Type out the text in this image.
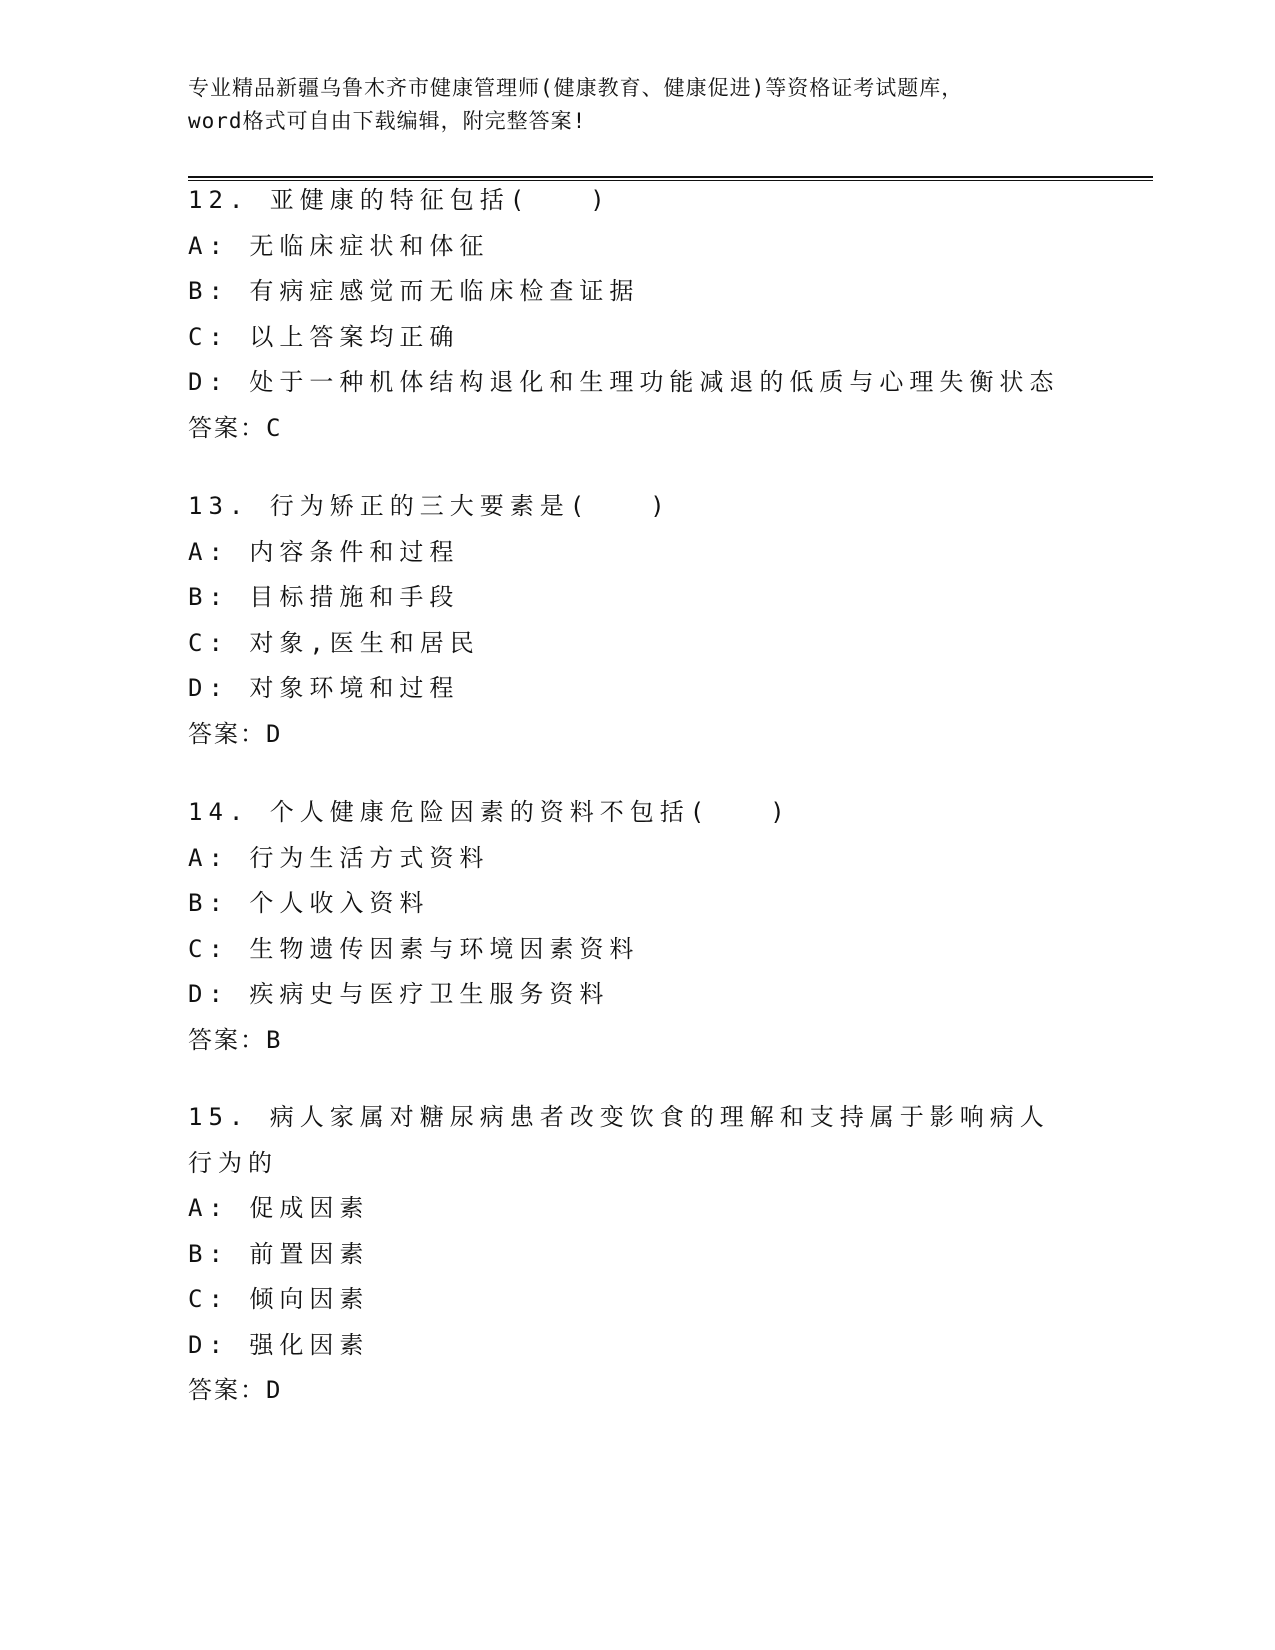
专业精品新疆乌鲁木齐市健康管理师(健康教育、健康促进)等资格证考试题库，
word格式可自由下载编辑，附完整答案!
12. 亚健康的特征包括(　　)
A: 无临床症状和体征
B: 有病症感觉而无临床检查证据
C: 以上答案均正确
D: 处于一种机体结构退化和生理功能减退的低质与心理失衡状态
答案：C
13. 行为矫正的三大要素是(　　)
A: 内容条件和过程
B: 目标措施和手段
C: 对象,医生和居民
D: 对象环境和过程
答案：D
14. 个人健康危险因素的资料不包括(　　)
A: 行为生活方式资料
B: 个人收入资料
C: 生物遗传因素与环境因素资料
D: 疾病史与医疗卫生服务资料
答案：B
15. 病人家属对糖尿病患者改变饮食的理解和支持属于影响病人行为的
A: 促成因素
B: 前置因素
C: 倾向因素
D: 强化因素
答案：D
